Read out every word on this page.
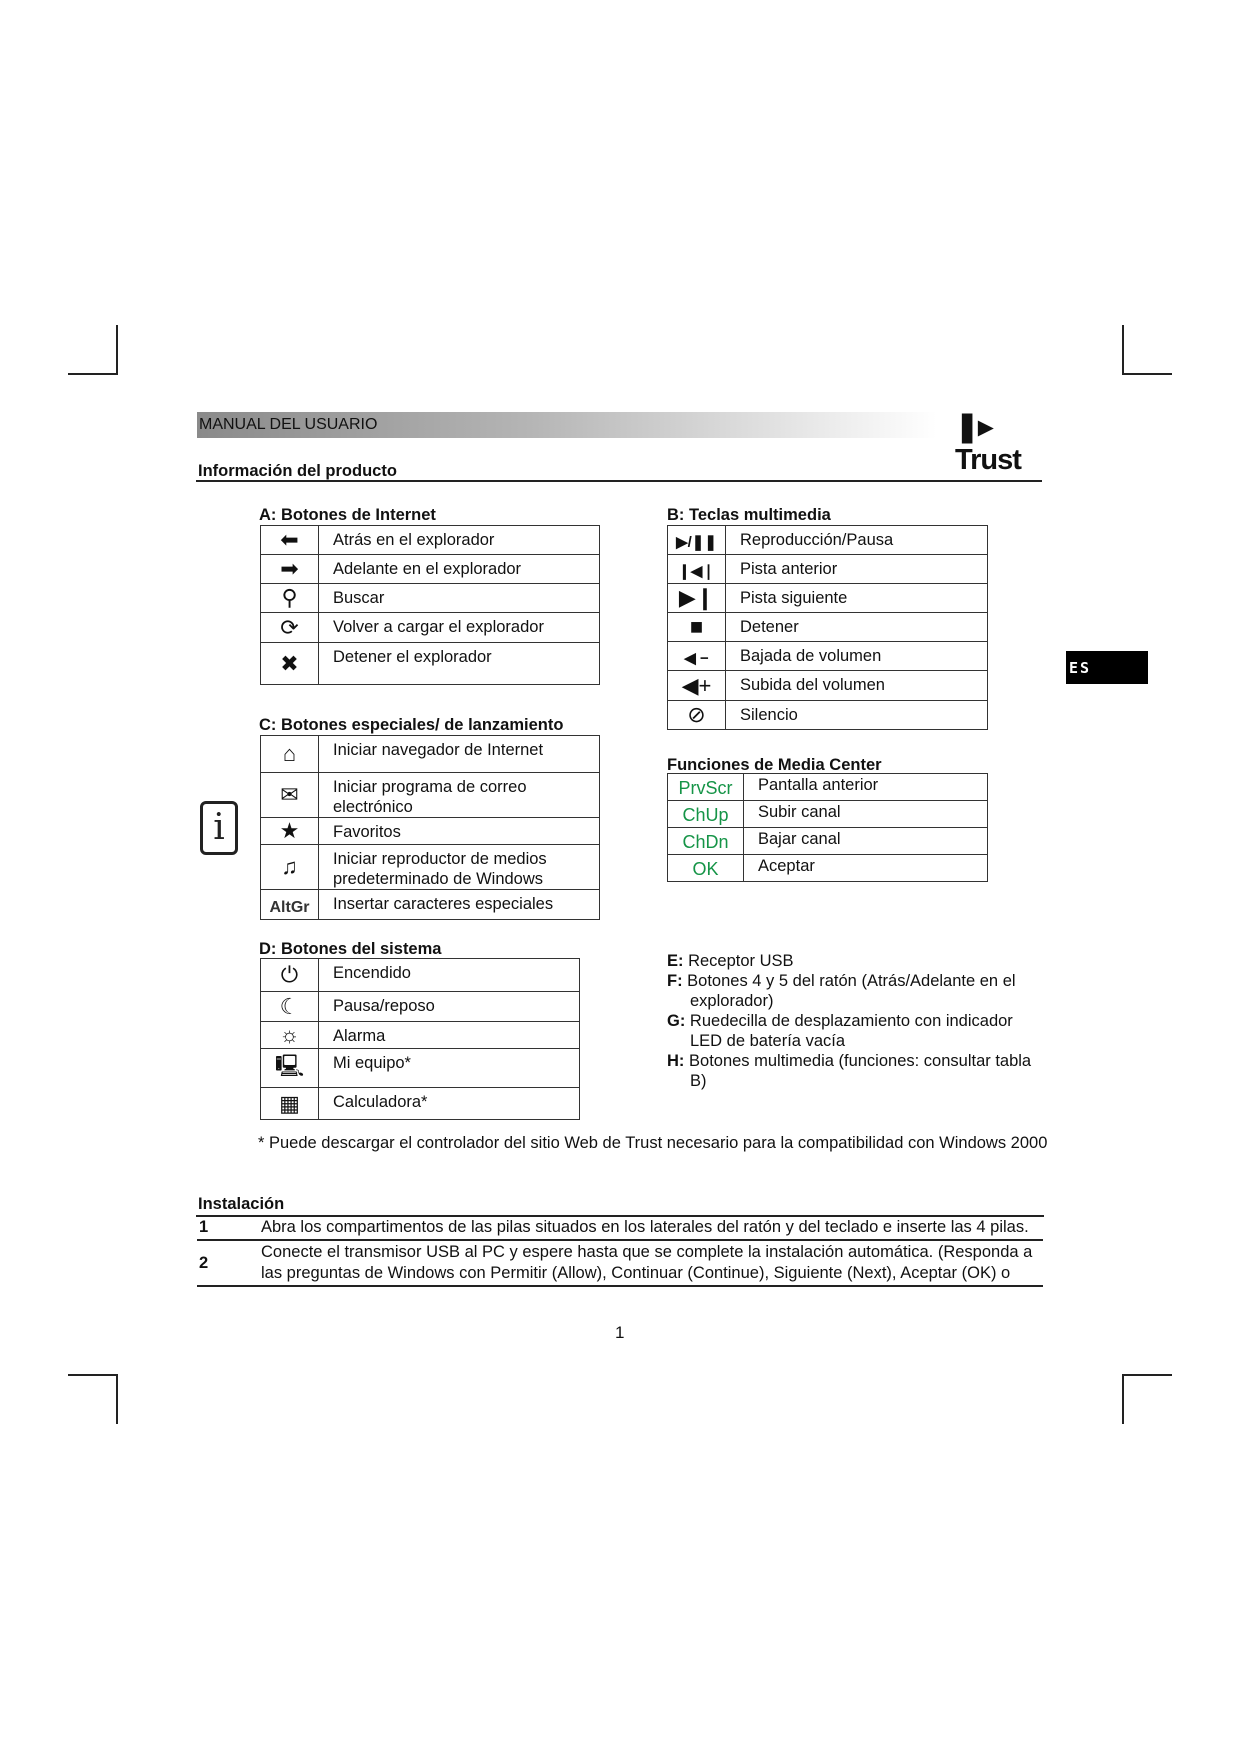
MANUAL DEL USUARIO	❚▸Trust
ES
Información del producto
i
A: Botones de Internet
⬅	Atrás en el explorador
➡	Adelante en el explorador
⚲	Buscar
⟳	Volver a cargar el explorador
✖	Detener el explorador
B: Teclas multimedia
▶/❚❚	Reproducción/Pausa
❙◀❘	Pista anterior
▶❙	Pista siguiente
■	Detener
◀ −	Bajada de volumen
◀+	Subida del volumen
⊘	Silencio
C: Botones especiales/ de lanzamiento
⌂	Iniciar navegador de Internet
✉	Iniciar programa de correo electrónico
★	Favoritos
♫	Iniciar reproductor de medios predeterminado de Windows
AltGr	Insertar caracteres especiales
Funciones de Media Center
PrvScr	Pantalla anterior
ChUp	Subir canal
ChDn	Bajar canal
OK	Aceptar
D: Botones del sistema
⏻	Encendido
☾	Pausa/reposo
☼	Alarma
🖳	Mi equipo*
▦	Calculadora*
E: Receptor USB
F: Botones 4 y 5 del ratón (Atrás/Adelante en el explorador)
G: Ruedecilla de desplazamiento con indicador LED de batería vacía
H: Botones multimedia (funciones: consultar tabla B)
* Puede descargar el controlador del sitio Web de Trust necesario para la compatibilidad con Windows 2000
Instalación
1	Abra los compartimentos de las pilas situados en los laterales del ratón y del teclado e inserte las 4 pilas.
2	Conecte el transmisor USB al PC y espere hasta que se complete la instalación automática. (Responda a las preguntas de Windows con Permitir (Allow), Continuar (Continue), Siguiente (Next), Aceptar (OK) o
1
